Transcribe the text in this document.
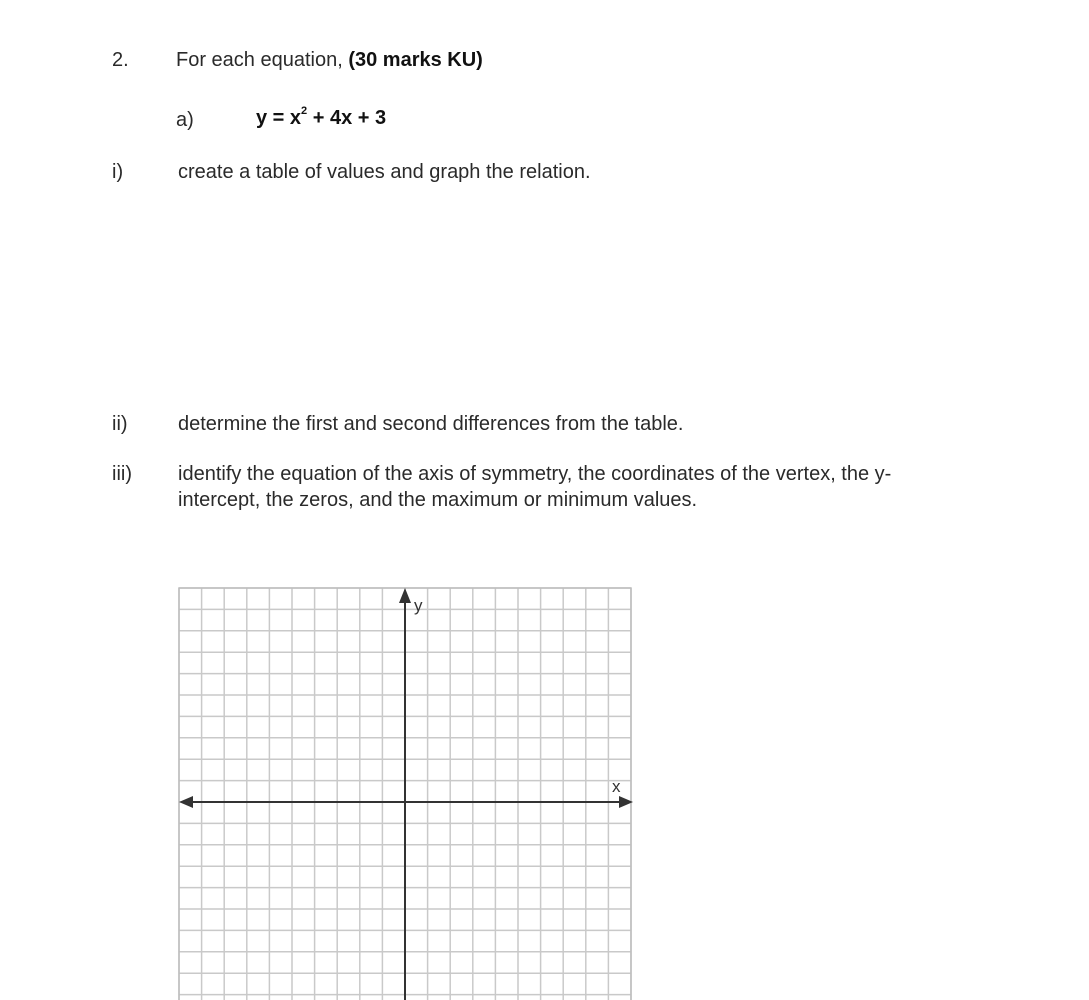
2. For each equation, (30 marks KU)
a)	$y = x^2 + 4x + 3$
i)	create a table of values and graph the relation.
ii)	determine the first and second differences from the table.
iii) identify the equation of the axis of symmetry, the coordinates of the vertex, the y-intercept, the zeros, and the maximum or minimum values.
y
x
